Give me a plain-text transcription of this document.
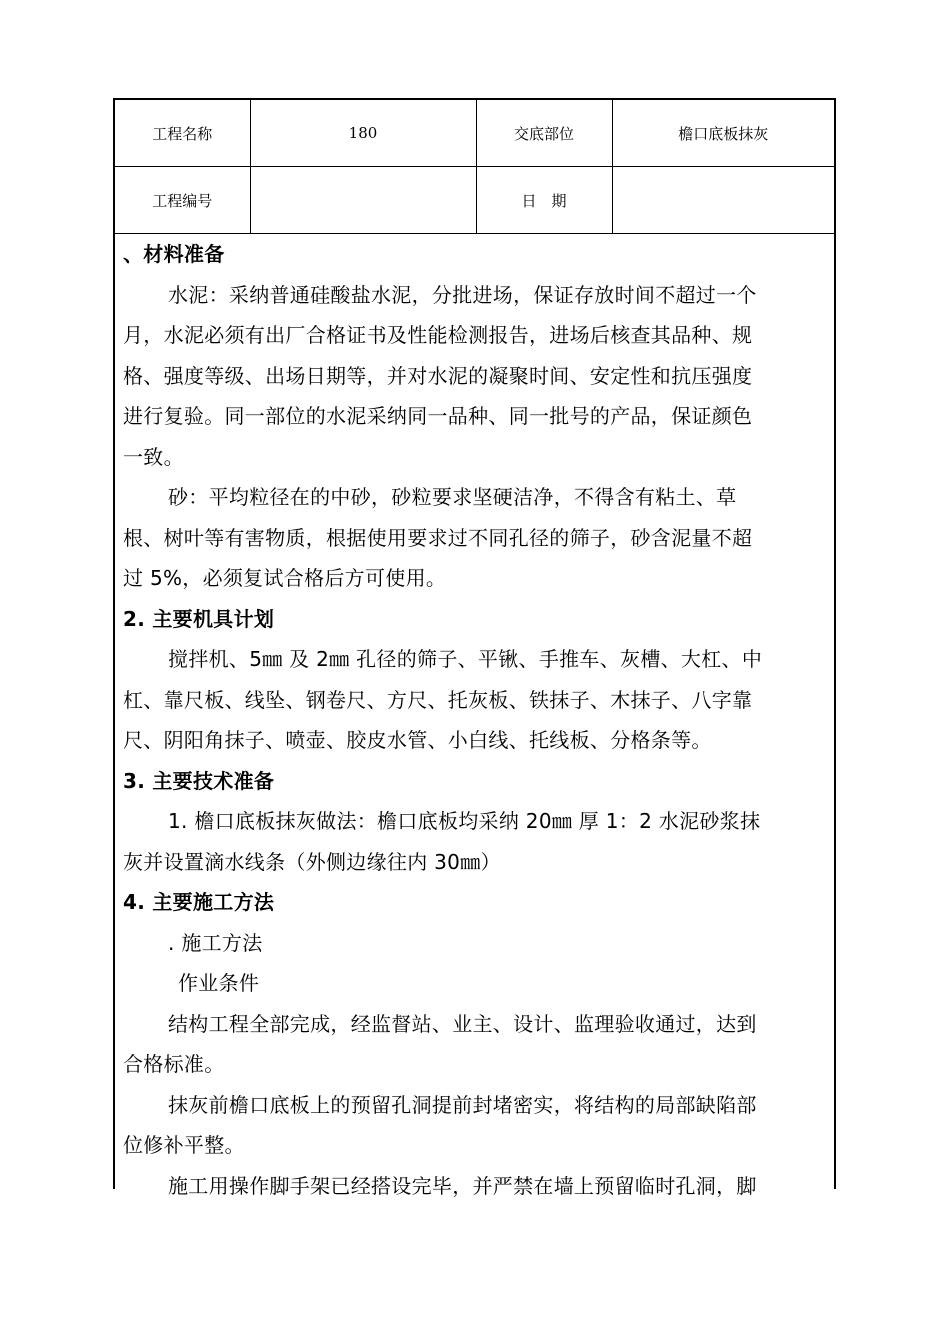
工程名称	180	交底部位	檐口底板抹灰
工程编号		日　期	
、材料准备
水泥：采纳普通硅酸盐水泥，分批进场，保证存放时间不超过一个
月，水泥必须有出厂合格证书及性能检测报告，进场后核查其品种、规
格、强度等级、出场日期等，并对水泥的凝聚时间、安定性和抗压强度
进行复验。同一部位的水泥采纳同一品种、同一批号的产品，保证颜色
一致。
砂：平均粒径在的中砂，砂粒要求坚硬洁净，不得含有粘土、草
根、树叶等有害物质，根据使用要求过不同孔径的筛子，砂含泥量不超
过 5%，必须复试合格后方可使用。
2. 主要机具计划
搅拌机、5㎜ 及 2㎜ 孔径的筛子、平锹、手推车、灰槽、大杠、中
杠、靠尺板、线坠、钢卷尺、方尺、托灰板、铁抹子、木抹子、八字靠
尺、阴阳角抹子、喷壶、胶皮水管、小白线、托线板、分格条等。
3. 主要技术准备
1. 檐口底板抹灰做法：檐口底板均采纳 20㎜ 厚 1：2 水泥砂浆抹
灰并设置滴水线条（外侧边缘往内 30㎜）
4. 主要施工方法
. 施工方法
作业条件
结构工程全部完成，经监督站、业主、设计、监理验收通过，达到
合格标准。
抹灰前檐口底板上的预留孔洞提前封堵密实，将结构的局部缺陷部
位修补平整。
施工用操作脚手架已经搭设完毕，并严禁在墙上预留临时孔洞，脚
